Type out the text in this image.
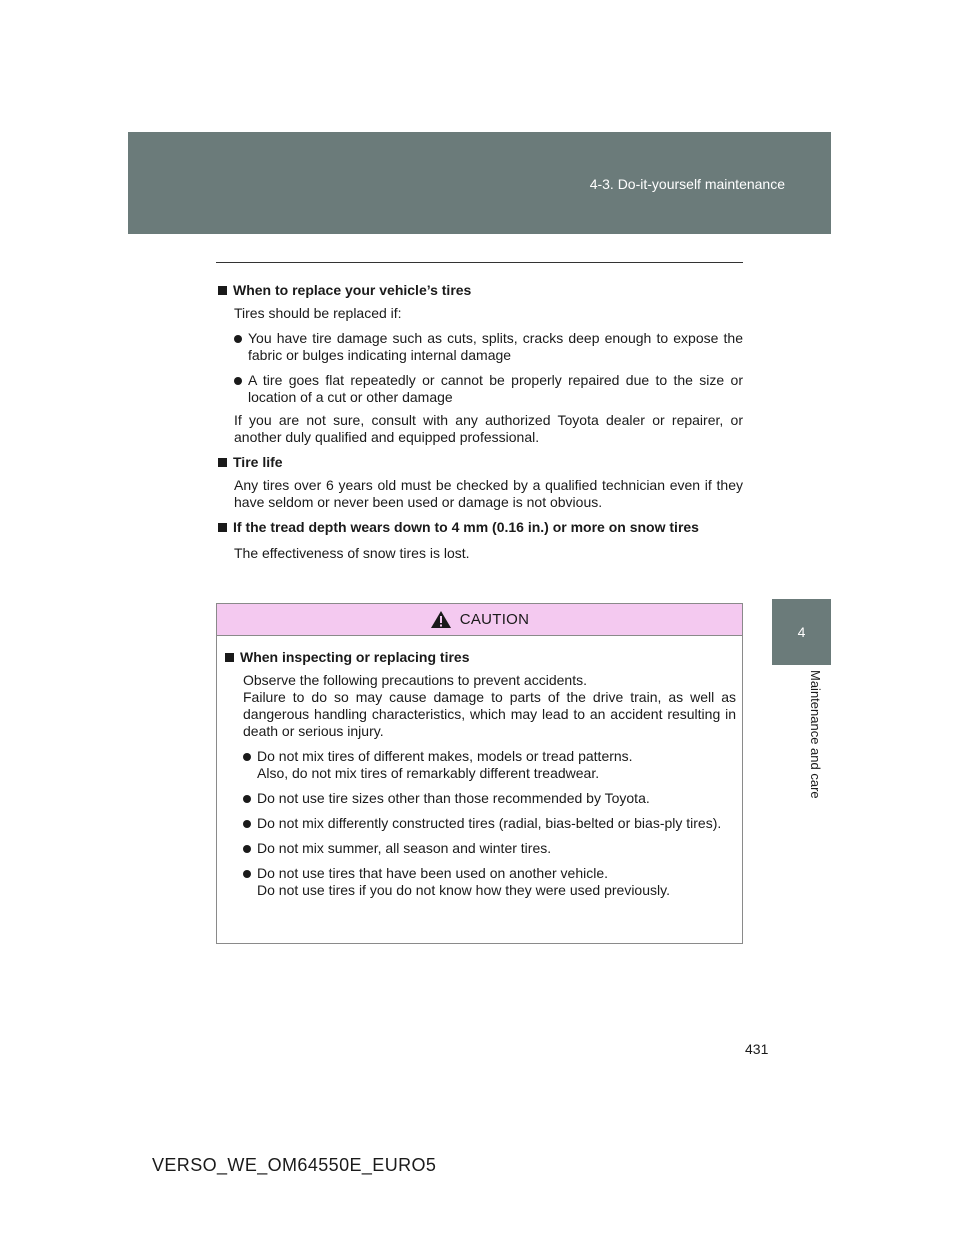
4-3. Do-it-yourself maintenance
4
Maintenance and care
When to replace your vehicle’s tires
Tires should be replaced if:
You have tire damage such as cuts, splits, cracks deep enough to expose the fabric or bulges indicating internal damage
A tire goes flat repeatedly or cannot be properly repaired due to the size or location of a cut or other damage
If you are not sure, consult with any authorized Toyota dealer or repairer, or another duly qualified and equipped professional.
Tire life
Any tires over 6 years old must be checked by a qualified technician even if they have seldom or never been used or damage is not obvious.
If the tread depth wears down to 4 mm (0.16 in.) or more on snow tires
The effectiveness of snow tires is lost.
CAUTION
When inspecting or replacing tires
Observe the following precautions to prevent accidents.
Failure to do so may cause damage to parts of the drive train, as well as dangerous handling characteristics, which may lead to an accident resulting in death or serious injury.
Do not mix tires of different makes, models or tread patterns.
Also, do not mix tires of remarkably different treadwear.
Do not use tire sizes other than those recommended by Toyota.
Do not mix differently constructed tires (radial, bias-belted or bias-ply tires).
Do not mix summer, all season and winter tires.
Do not use tires that have been used on another vehicle.
Do not use tires if you do not know how they were used previously.
431
VERSO_WE_OM64550E_EURO5
